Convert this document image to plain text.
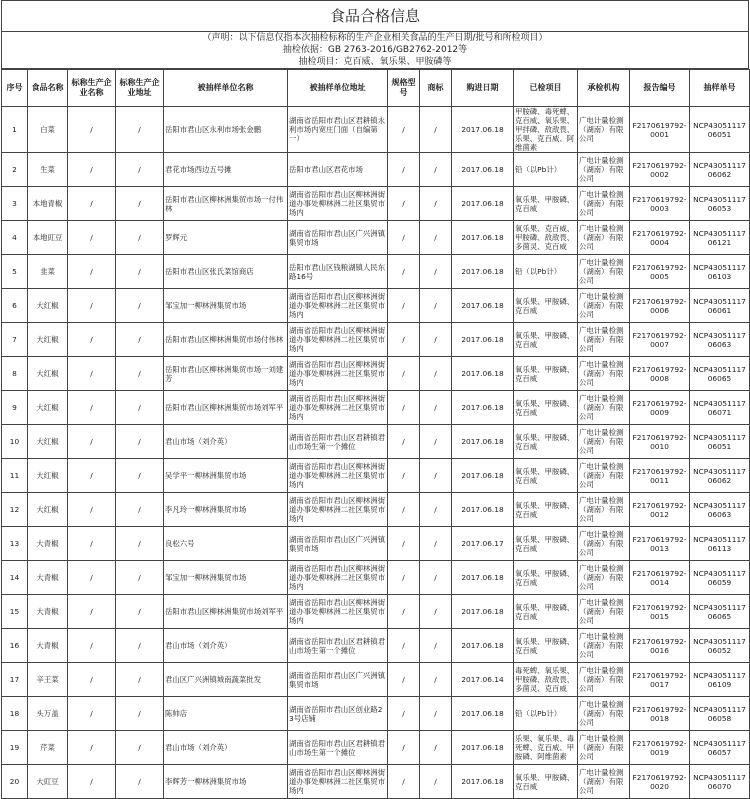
食品合格信息
（声明：以下信息仅指本次抽检标称的生产企业相关食品的生产日期/批号和所检项目）
抽检依据：GB 2763-2016/GB2762-2012等
抽检项目：克百威、氧乐果、甲胺磷等
序号	食品名称	标称生产企业名称	标称生产企业地址	被抽样单位名称	被抽样单位地址	规格型号	商标	购进日期	已检项目	承检机构	报告编号	抽样单号
1	白菜	/	/	岳阳市君山区永利市场张金鹏	湖南省岳阳市君山区君耕镇永利市场内宽庄门面（自编第一）	/	/	2017.06.18	甲胺磷、毒死蜱、克百威、氧乐果、甲拌磷、敌敌畏、乐果、克百威、阿维菌素	广电计量检测（湖南）有限公司	F2170619792-0001	NCP4305111706051
2	生菜	/	/	君花市场西边五号摊	岳阳市君山区君花市场	/	/	2017.06.18	铅（以Pb计）	广电计量检测（湖南）有限公司	F2170619792-0002	NCP4305111706062
3	本地青椒	/	/	岳阳市君山区柳林洲集贸市场一付伟林	湖南省岳阳市君山区柳林洲街道办事处柳林洲二社区集贸市场内	/	/	2017.06.18	氧乐果、甲胺磷、克百威	广电计量检测（湖南）有限公司	F2170619792-0003	NCP4305111706053
4	本地豇豆	/	/	罗辉元	湖南省岳阳市君山区广兴洲镇集贸市场	/	/	2017.06.18	氧乐果、克百威、甲胺磷、敌敌畏、多菌灵、克百威	广电计量检测（湖南）有限公司	F2170619792-0004	NCP4305111706121
5	韭菜	/	/	岳阳市君山区张氏菜馆商店	岳阳市君山区钱粮湖镇人民东路16号	/	/	2017.06.18	铅（以Pb计）	广电计量检测（湖南）有限公司	F2170619792-0005	NCP4305111706103
6	大红椒	/	/	邹宝加一柳林洲集贸市场	湖南省岳阳市君山区柳林洲街道办事处柳林洲二社区集贸市场内	/	/	2017.06.18	氧乐果、甲胺磷、克百威	广电计量检测（湖南）有限公司	F2170619792-0006	NCP4305111706061
7	大红椒	/	/	岳阳市君山区柳林洲集贸市场付伟林	湖南省岳阳市君山区柳林洲街道办事处柳林洲二社区集贸市场内	/	/	2017.06.18	氧乐果、甲胺磷、克百威	广电计量检测（湖南）有限公司	F2170619792-0007	NCP4305111706063
8	大红椒	/	/	岳阳市君山区柳林洲集贸市场一刘建芳	湖南省岳阳市君山区柳林洲街道办事处柳林洲二社区集贸市场内	/	/	2017.06.18	氧乐果、甲胺磷、克百威	广电计量检测（湖南）有限公司	F2170619792-0008	NCP4305111706065
9	大红椒	/	/	岳阳市君山区柳林洲集贸市场刘军平	湖南省岳阳市君山区柳林洲街道办事处柳林洲二社区集贸市场内	/	/	2017.06.18	氧乐果、甲胺磷、克百威	广电计量检测（湖南）有限公司	F2170619792-0009	NCP4305111706071
10	大红椒	/	/	君山市场（刘介英）	湖南省岳阳市君山区君耕镇君山市场生第一个摊位	/	/	2017.06.18	氧乐果、甲胺磷、克百威	广电计量检测（湖南）有限公司	F2170619792-0010	NCP4305111706051
11	大红椒	/	/	吴学平一柳林洲集贸市场	湖南省岳阳市君山区柳林洲街道办事处柳林洲二社区集贸市场内	/	/	2017.06.18	氧乐果、甲胺磷、克百威	广电计量检测（湖南）有限公司	F2170619792-0011	NCP4305111706062
12	大红椒	/	/	李凡玲一柳林洲集贸市场	湖南省岳阳市君山区柳林洲街道办事处柳林洲二社区集贸市场内	/	/	2017.06.18	氧乐果、甲胺磷、克百威	广电计量检测（湖南）有限公司	F2170619792-0012	NCP4305111706063
13	大青椒	/	/	良松六号	湖南省岳阳市君山区广兴洲镇集贸市场	/	/	2017.06.17	氧乐果、甲胺磷、克百威	广电计量检测（湖南）有限公司	F2170619792-0013	NCP4305111706113
14	大青椒	/	/	邹宝加一柳林洲集贸市场	湖南省岳阳市君山区柳林洲街道办事处柳林洲二社区集贸市场内	/	/	2017.06.18	氧乐果、甲胺磷、克百威	广电计量检测（湖南）有限公司	F2170619792-0014	NCP4305111706059
15	大青椒	/	/	岳阳市君山区柳林洲集贸市场刘军平	湖南省岳阳市君山区柳林洲街道办事处柳林洲二社区集贸市场内	/	/	2017.06.18	氧乐果、甲胺磷、克百威	广电计量检测（湖南）有限公司	F2170619792-0015	NCP4305111706065
16	大青椒	/	/	君山市场（刘介英）	湖南省岳阳市君山区君耕镇君山市场生第一个摊位	/	/	2017.06.18	氧乐果、甲胺磷、克百威	广电计量检测（湖南）有限公司	F2170619792-0016	NCP4305111706052
17	辛王菜	/	/	君山区广兴洲镇城南蔬菜批发	湖南省岳阳市君山区广兴洲镇集贸市场	/	/	2017.06.14	毒死蜱、氧乐果、甲胺磷、敌敌畏、多菌灵、克百威	广电计量检测（湖南）有限公司	F2170619792-0017	NCP4305111706109
18	头万盖	/	/	陈帅店	湖南省岳阳市君山区创业路23号店铺	/	/	2017.06.18	铅（以Pb计）	广电计量检测（湖南）有限公司	F2170619792-0018	NCP4305111706058
19	芹菜	/	/	君山市场（刘介英）	湖南省岳阳市君山区君耕镇君山市场生第一个摊位	/	/	2017.06.18	乐果、氧乐果、毒死蜱、克百威、甲胺磷、阿维菌素	广电计量检测（湖南）有限公司	F2170619792-0019	NCP4305111706057
20	大豇豆	/	/	李辉芳一柳林洲集贸市场	湖南省岳阳市君山区柳林洲街道办事处柳林洲二社区集贸市场内	/	/	2017.06.18	氧乐果、甲胺磷、克百威	广电计量检测（湖南）有限公司	F2170619792-0020	NCP4305111706070
